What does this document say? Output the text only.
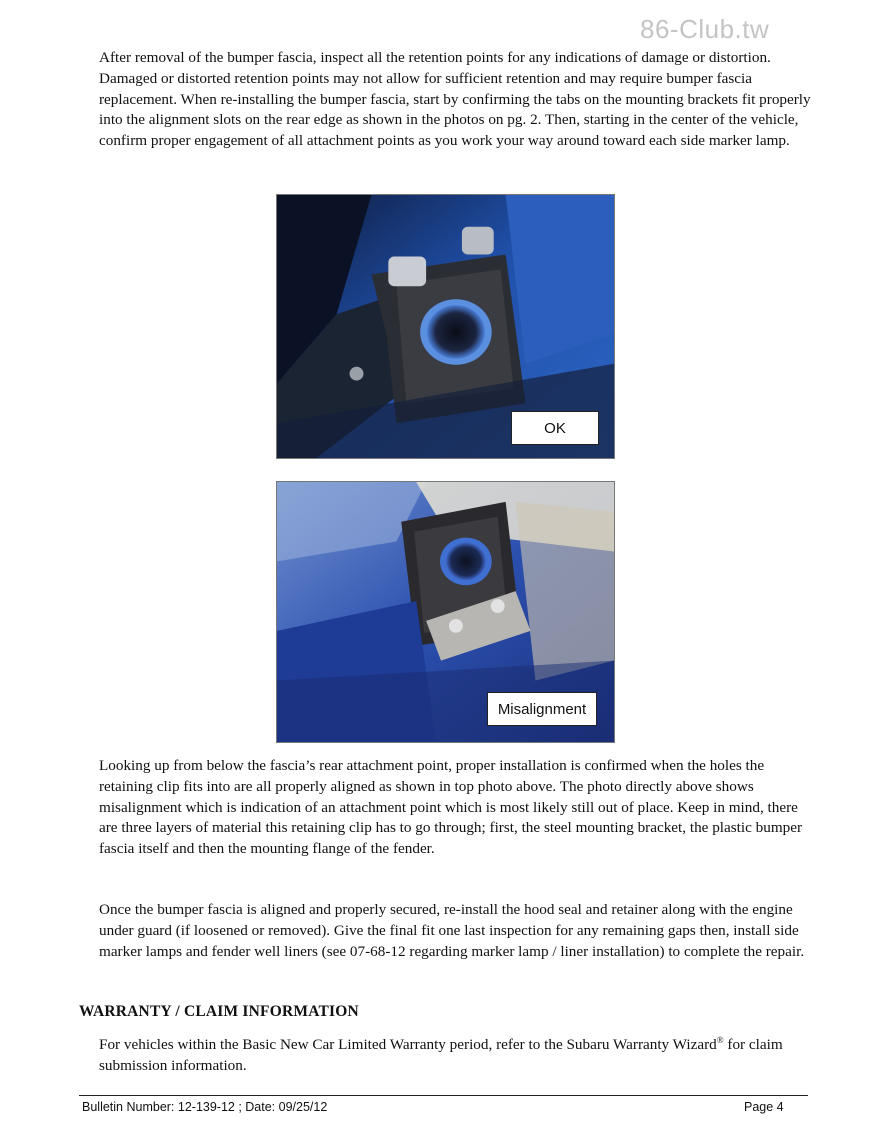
86-Club.tw

After removal of the bumper fascia, inspect all the retention points for any indications of damage or distortion. Damaged or distorted retention points may not allow for sufficient retention and may require bumper fascia replacement. When re-installing the bumper fascia, start by confirming the tabs on the mounting brackets fit properly into the alignment slots on the rear edge as shown in the photos on pg. 2. Then, starting in the center of the vehicle, confirm proper engagement of all attachment points as you work your way around toward each side marker lamp.

OK
Misalignment

Looking up from below the fascia’s rear attachment point, proper installation is confirmed when the holes the retaining clip fits into are all properly aligned as shown in top photo above. The photo directly above shows misalignment which is indication of an attachment point which is most likely still out of place. Keep in mind, there are three layers of material this retaining clip has to go through; first, the steel mounting bracket, the plastic bumper fascia itself and then the mounting flange of the fender.

Once the bumper fascia is aligned and properly secured, re-install the hood seal and retainer along with the engine under guard (if loosened or removed). Give the final fit one last inspection for any remaining gaps then, install side marker lamps and fender well liners (see 07-68-12 regarding marker lamp / liner installation) to complete the repair.

WARRANTY / CLAIM INFORMATION

For vehicles within the Basic New Car Limited Warranty period, refer to the Subaru Warranty Wizard® for claim submission information.

Bulletin Number: 12-139-12 ; Date: 09/25/12	Page 4
